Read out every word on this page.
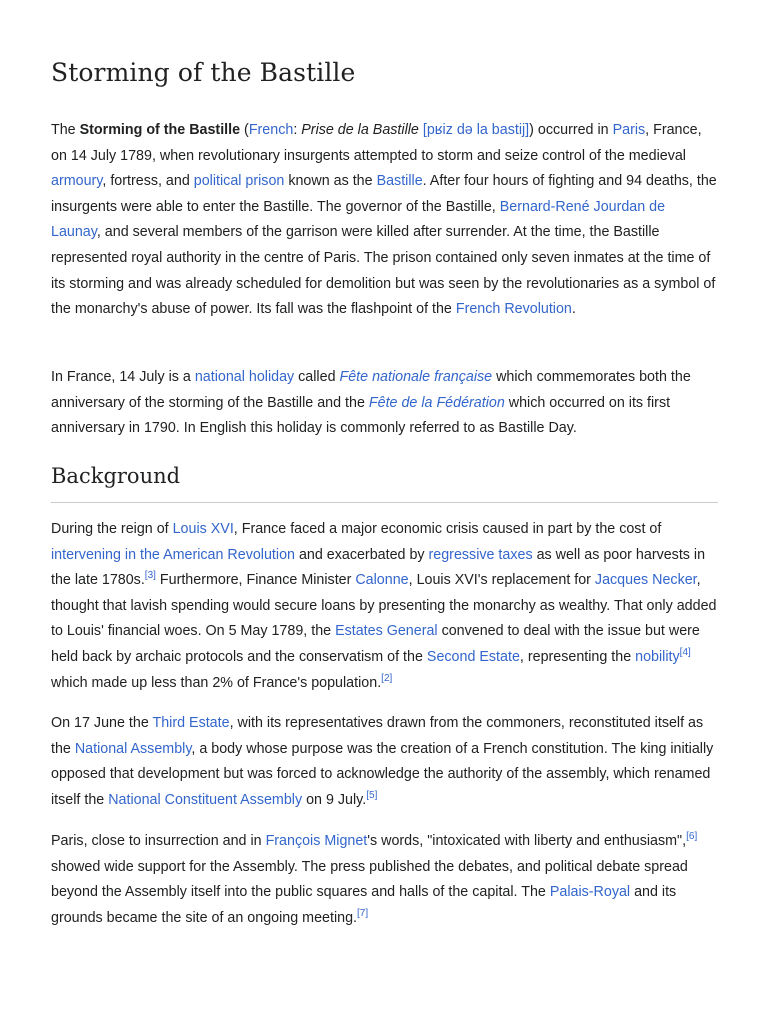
Storming of the Bastille

The Storming of the Bastille (French: Prise de la Bastille [pʁiz də la bastij]) occurred in Paris, France, on 14 July 1789, when revolutionary insurgents attempted to storm and seize control of the medieval armoury, fortress, and political prison known as the Bastille. After four hours of fighting and 94 deaths, the insurgents were able to enter the Bastille. The governor of the Bastille, Bernard-René Jourdan de Launay, and several members of the garrison were killed after surrender. At the time, the Bastille represented royal authority in the centre of Paris. The prison contained only seven inmates at the time of its storming and was already scheduled for demolition but was seen by the revolutionaries as a symbol of the monarchy's abuse of power. Its fall was the flashpoint of the French Revolution.

In France, 14 July is a national holiday called Fête nationale française which commemorates both the anniversary of the storming of the Bastille and the Fête de la Fédération which occurred on its first anniversary in 1790. In English this holiday is commonly referred to as Bastille Day.

Background

During the reign of Louis XVI, France faced a major economic crisis caused in part by the cost of intervening in the American Revolution and exacerbated by regressive taxes as well as poor harvests in the late 1780s.[3] Furthermore, Finance Minister Calonne, Louis XVI's replacement for Jacques Necker, thought that lavish spending would secure loans by presenting the monarchy as wealthy. That only added to Louis' financial woes. On 5 May 1789, the Estates General convened to deal with the issue but were held back by archaic protocols and the conservatism of the Second Estate, representing the nobility[4] which made up less than 2% of France's population.[2]

On 17 June the Third Estate, with its representatives drawn from the commoners, reconstituted itself as the National Assembly, a body whose purpose was the creation of a French constitution. The king initially opposed that development but was forced to acknowledge the authority of the assembly, which renamed itself the National Constituent Assembly on 9 July.[5]

Paris, close to insurrection and in François Mignet's words, "intoxicated with liberty and enthusiasm",[6] showed wide support for the Assembly. The press published the debates, and political debate spread beyond the Assembly itself into the public squares and halls of the capital. The Palais-Royal and its grounds became the site of an ongoing meeting.[7]
